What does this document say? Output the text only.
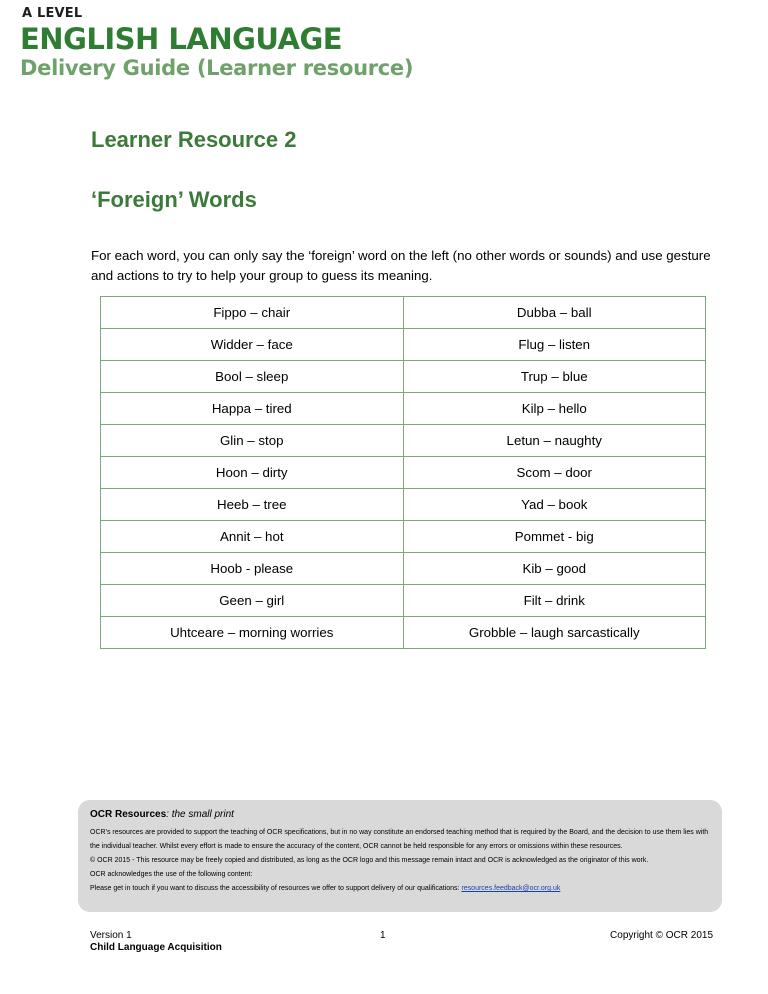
A LEVEL
ENGLISH LANGUAGE
Delivery Guide (Learner resource)
Learner Resource 2
‘Foreign’ Words
For each word, you can only say the ‘foreign’ word on the left (no other words or sounds) and use gesture and actions to try to help your group to guess its meaning.
Fippo – chair	Dubba – ball
Widder – face	Flug – listen
Bool – sleep	Trup – blue
Happa – tired	Kilp – hello
Glin – stop	Letun – naughty
Hoon – dirty	Scom – door
Heeb – tree	Yad – book
Annit – hot	Pommet - big
Hoob - please	Kib – good
Geen – girl	Filt – drink
Uhtceare – morning worries	Grobble – laugh sarcastically
OCR Resources: the small print
OCR’s resources are provided to support the teaching of OCR specifications, but in no way constitute an endorsed teaching method that is required by the Board, and the decision to use them lies with the individual teacher. Whilst every effort is made to ensure the accuracy of the content, OCR cannot be held responsible for any errors or omissions within these resources.
© OCR 2015 - This resource may be freely copied and distributed, as long as the OCR logo and this message remain intact and OCR is acknowledged as the originator of this work.
OCR acknowledges the use of the following content:
Please get in touch if you want to discuss the accessibility of resources we offer to support delivery of our qualifications: resources.feedback@ocr.org.uk
Version 1
Child Language Acquisition
1	Copyright © OCR 2015
